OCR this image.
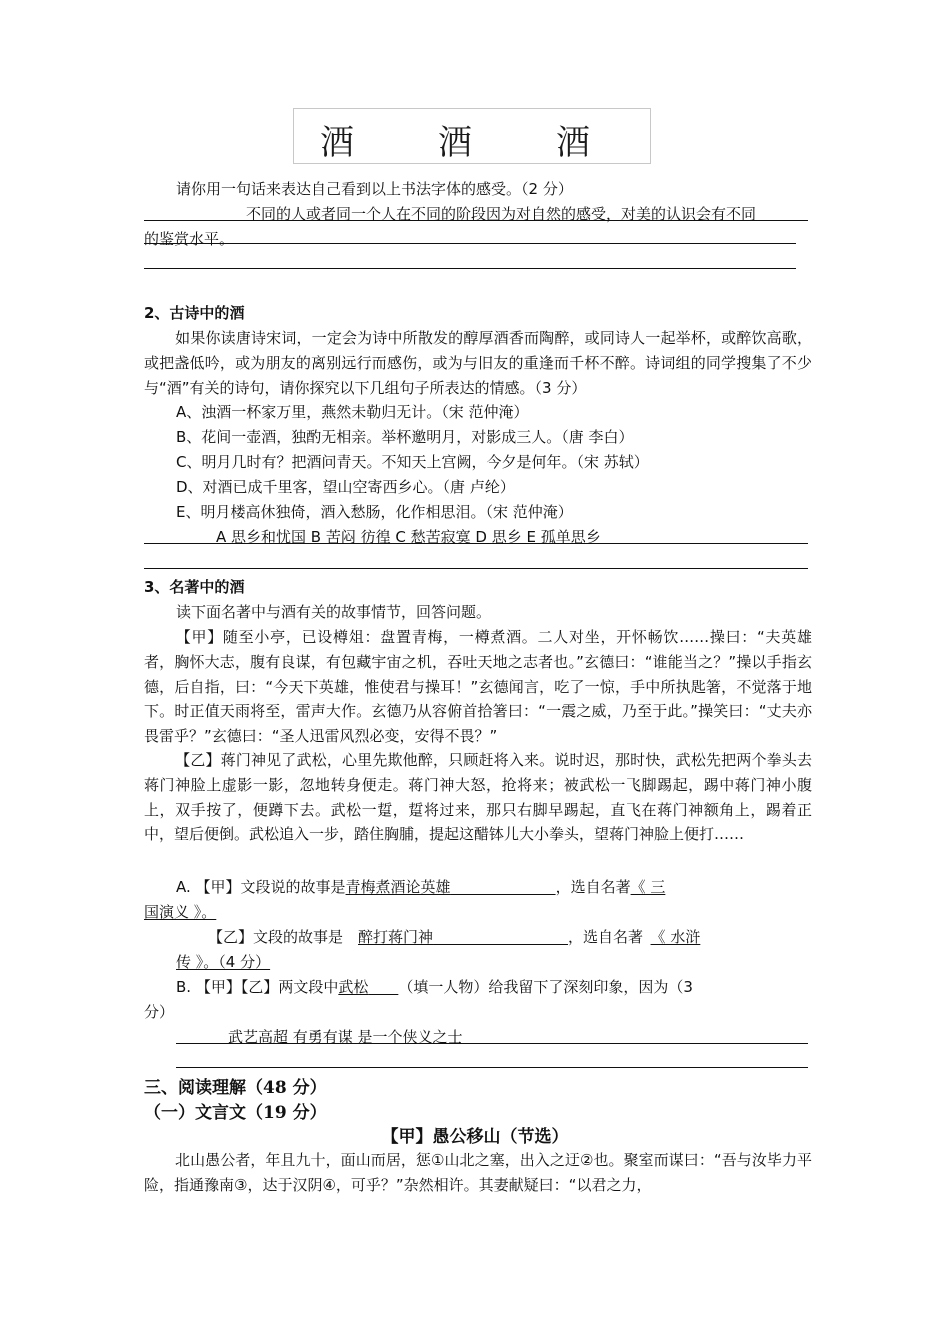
酒 酒 酒
请你用一句话来表达自己看到以上书法字体的感受。（2 分）
不同的人或者同一个人在不同的阶段因为对自然的感受，对美的认识会有不同
的鉴赏水平。
2、古诗中的酒
如果你读唐诗宋词，一定会为诗中所散发的醇厚酒香而陶醉，或同诗人一起举杯，或醉饮高歌，或把盏低吟，或为朋友的离别远行而感伤，或为与旧友的重逢而千杯不醉。诗词组的同学搜集了不少与“酒”有关的诗句，请你探究以下几组句子所表达的情感。（3 分）
A、浊酒一杯家万里，燕然未勒归无计。（宋 范仲淹）
B、花间一壶酒，独酌无相亲。举杯邀明月，对影成三人。（唐 李白）
C、明月几时有？把酒问青天。不知天上宫阙，今夕是何年。（宋 苏轼）
D、对酒已成千里客，望山空寄西乡心。（唐 卢纶）
E、明月楼高休独倚，酒入愁肠，化作相思泪。（宋 范仲淹）
A 思乡和忧国 B 苦闷 彷徨 C 愁苦寂寞 D 思乡 E 孤单思乡
3、名著中的酒
读下面名著中与酒有关的故事情节，回答问题。
【甲】随至小亭，已设樽俎：盘置青梅，一樽煮酒。二人对坐，开怀畅饮……操曰：“夫英雄者，胸怀大志，腹有良谋，有包藏宇宙之机，吞吐天地之志者也。”玄德曰：“谁能当之？”操以手指玄德，后自指，曰：“今天下英雄，惟使君与操耳！”玄德闻言，吃了一惊，手中所执匙箸，不觉落于地下。时正值天雨将至，雷声大作。玄德乃从容俯首拾箸曰：“一震之威，乃至于此。”操笑曰：“丈夫亦畏雷乎？”玄德曰：“圣人迅雷风烈必变，安得不畏？”
【乙】蒋门神见了武松，心里先欺他醉，只顾赶将入来。说时迟，那时快，武松先把两个拳头去蒋门神脸上虚影一影，忽地转身便走。蒋门神大怒，抢将来；被武松一飞脚踢起，踢中蒋门神小腹上，双手按了，便蹲下去。武松一踅，踅将过来，那只右脚早踢起，直飞在蒋门神额角上，踢着正中，望后便倒。武松追入一步，踏住胸脯，提起这醋钵儿大小拳头，望蒋门神脸上便打……
A. 【甲】文段说的故事是青梅煮酒论英雄       	，选自名著《 三
国演义 》。
【乙】文段的故事是  醉打蒋门神         	，选自名著  《 水浒
传 》。（4 分）
B. 【甲】【乙】两文段中武松   （填一人物）给我留下了深刻印象，因为（3
分）
武艺高超 有勇有谋 是一个侠义之士
三、阅读理解（48 分）
（一）文言文（19 分）
【甲】愚公移山（节选）
北山愚公者，年且九十，面山而居，惩①山北之塞，出入之迂②也。聚室而谋曰：“吾与汝毕力平险，指通豫南③，达于汉阴④，可乎？”杂然相许。其妻献疑曰：“以君之力，
